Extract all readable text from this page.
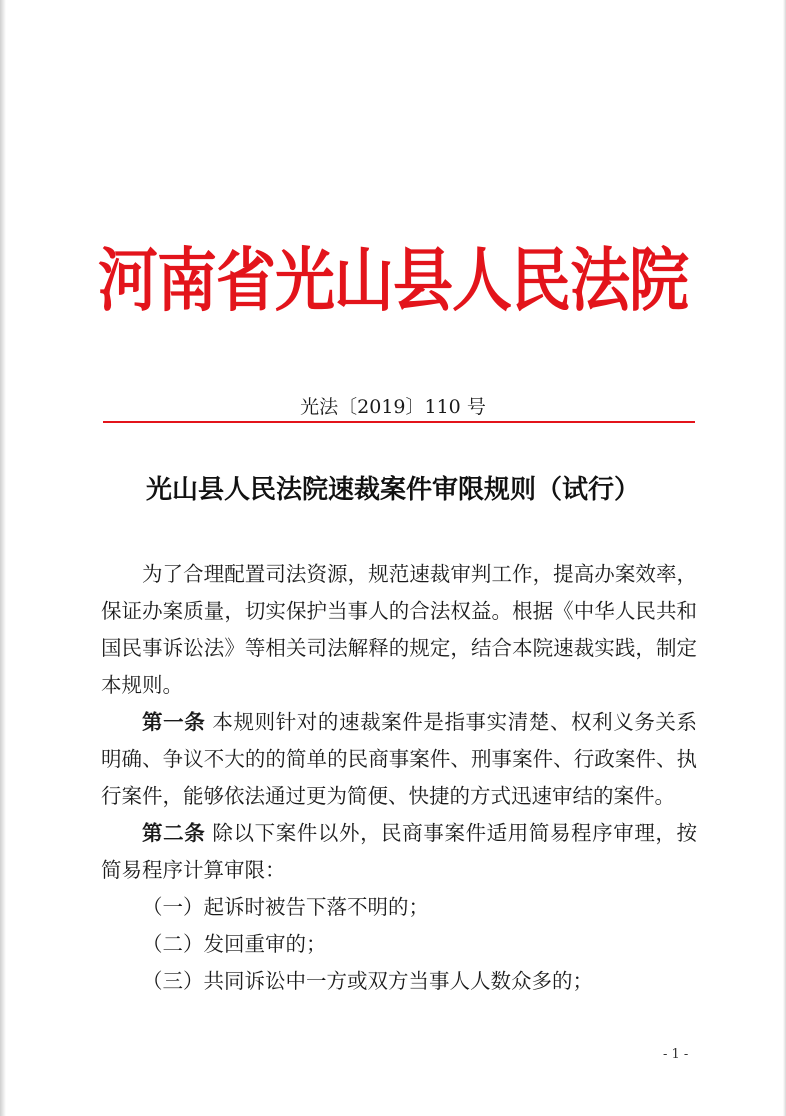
河南省光山县人民法院
光法〔2019〕110 号
光山县人民法院速裁案件审限规则（试行）

为了合理配置司法资源，规范速裁审判工作，提高办案效率，保证办案质量，切实保护当事人的合法权益。根据《中华人民共和国民事诉讼法》等相关司法解释的规定，结合本院速裁实践，制定本规则。

第一条 本规则针对的速裁案件是指事实清楚、权利义务关系明确、争议不大的的简单的民商事案件、刑事案件、行政案件、执行案件，能够依法通过更为简便、快捷的方式迅速审结的案件。

第二条 除以下案件以外，民商事案件适用简易程序审理，按简易程序计算审限：

（一）起诉时被告下落不明的；

（二）发回重审的；

（三）共同诉讼中一方或双方当事人人数众多的；

- 1 -
